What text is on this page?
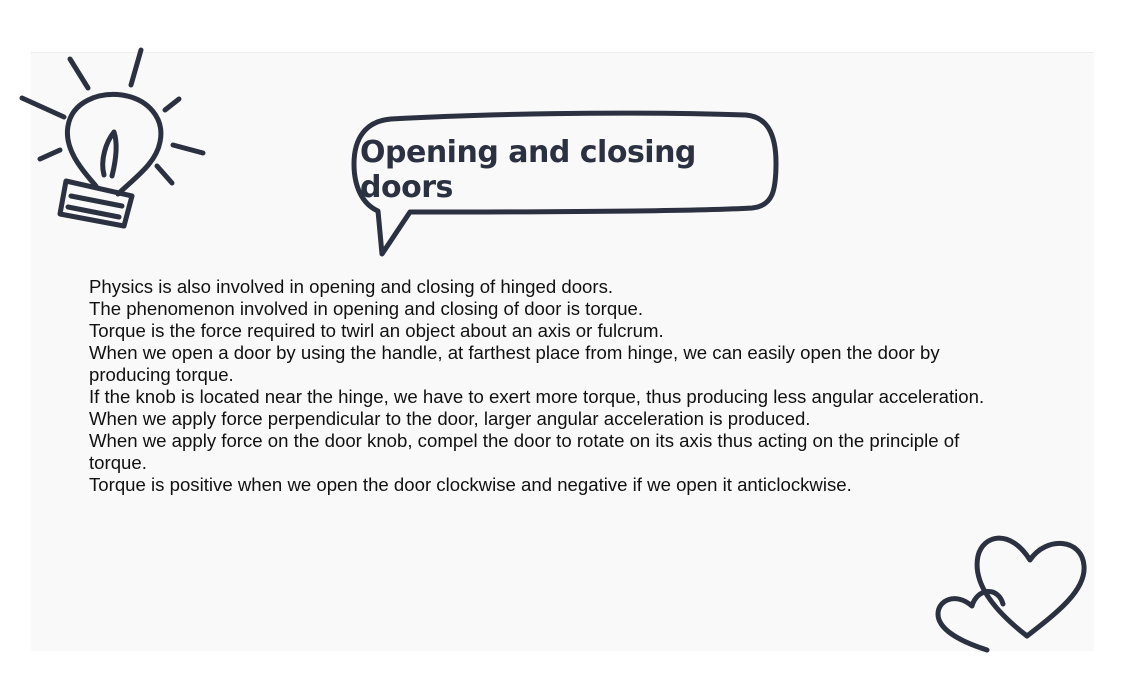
Opening and closing doors

Physics is also involved in opening and closing of hinged doors.

The phenomenon involved in opening and closing of door is torque.

Torque is the force required to twirl an object about an axis or fulcrum.

When we open a door by using the handle, at farthest place from hinge, we can easily open the door by producing torque.

If the knob is located near the hinge, we have to exert more torque, thus producing less angular acceleration.

When we apply force perpendicular to the door, larger angular acceleration is produced.

When we apply force on the door knob, compel the door to rotate on its axis thus acting on the principle of torque.

Torque is positive when we open the door clockwise and negative if we open it anticlockwise.
